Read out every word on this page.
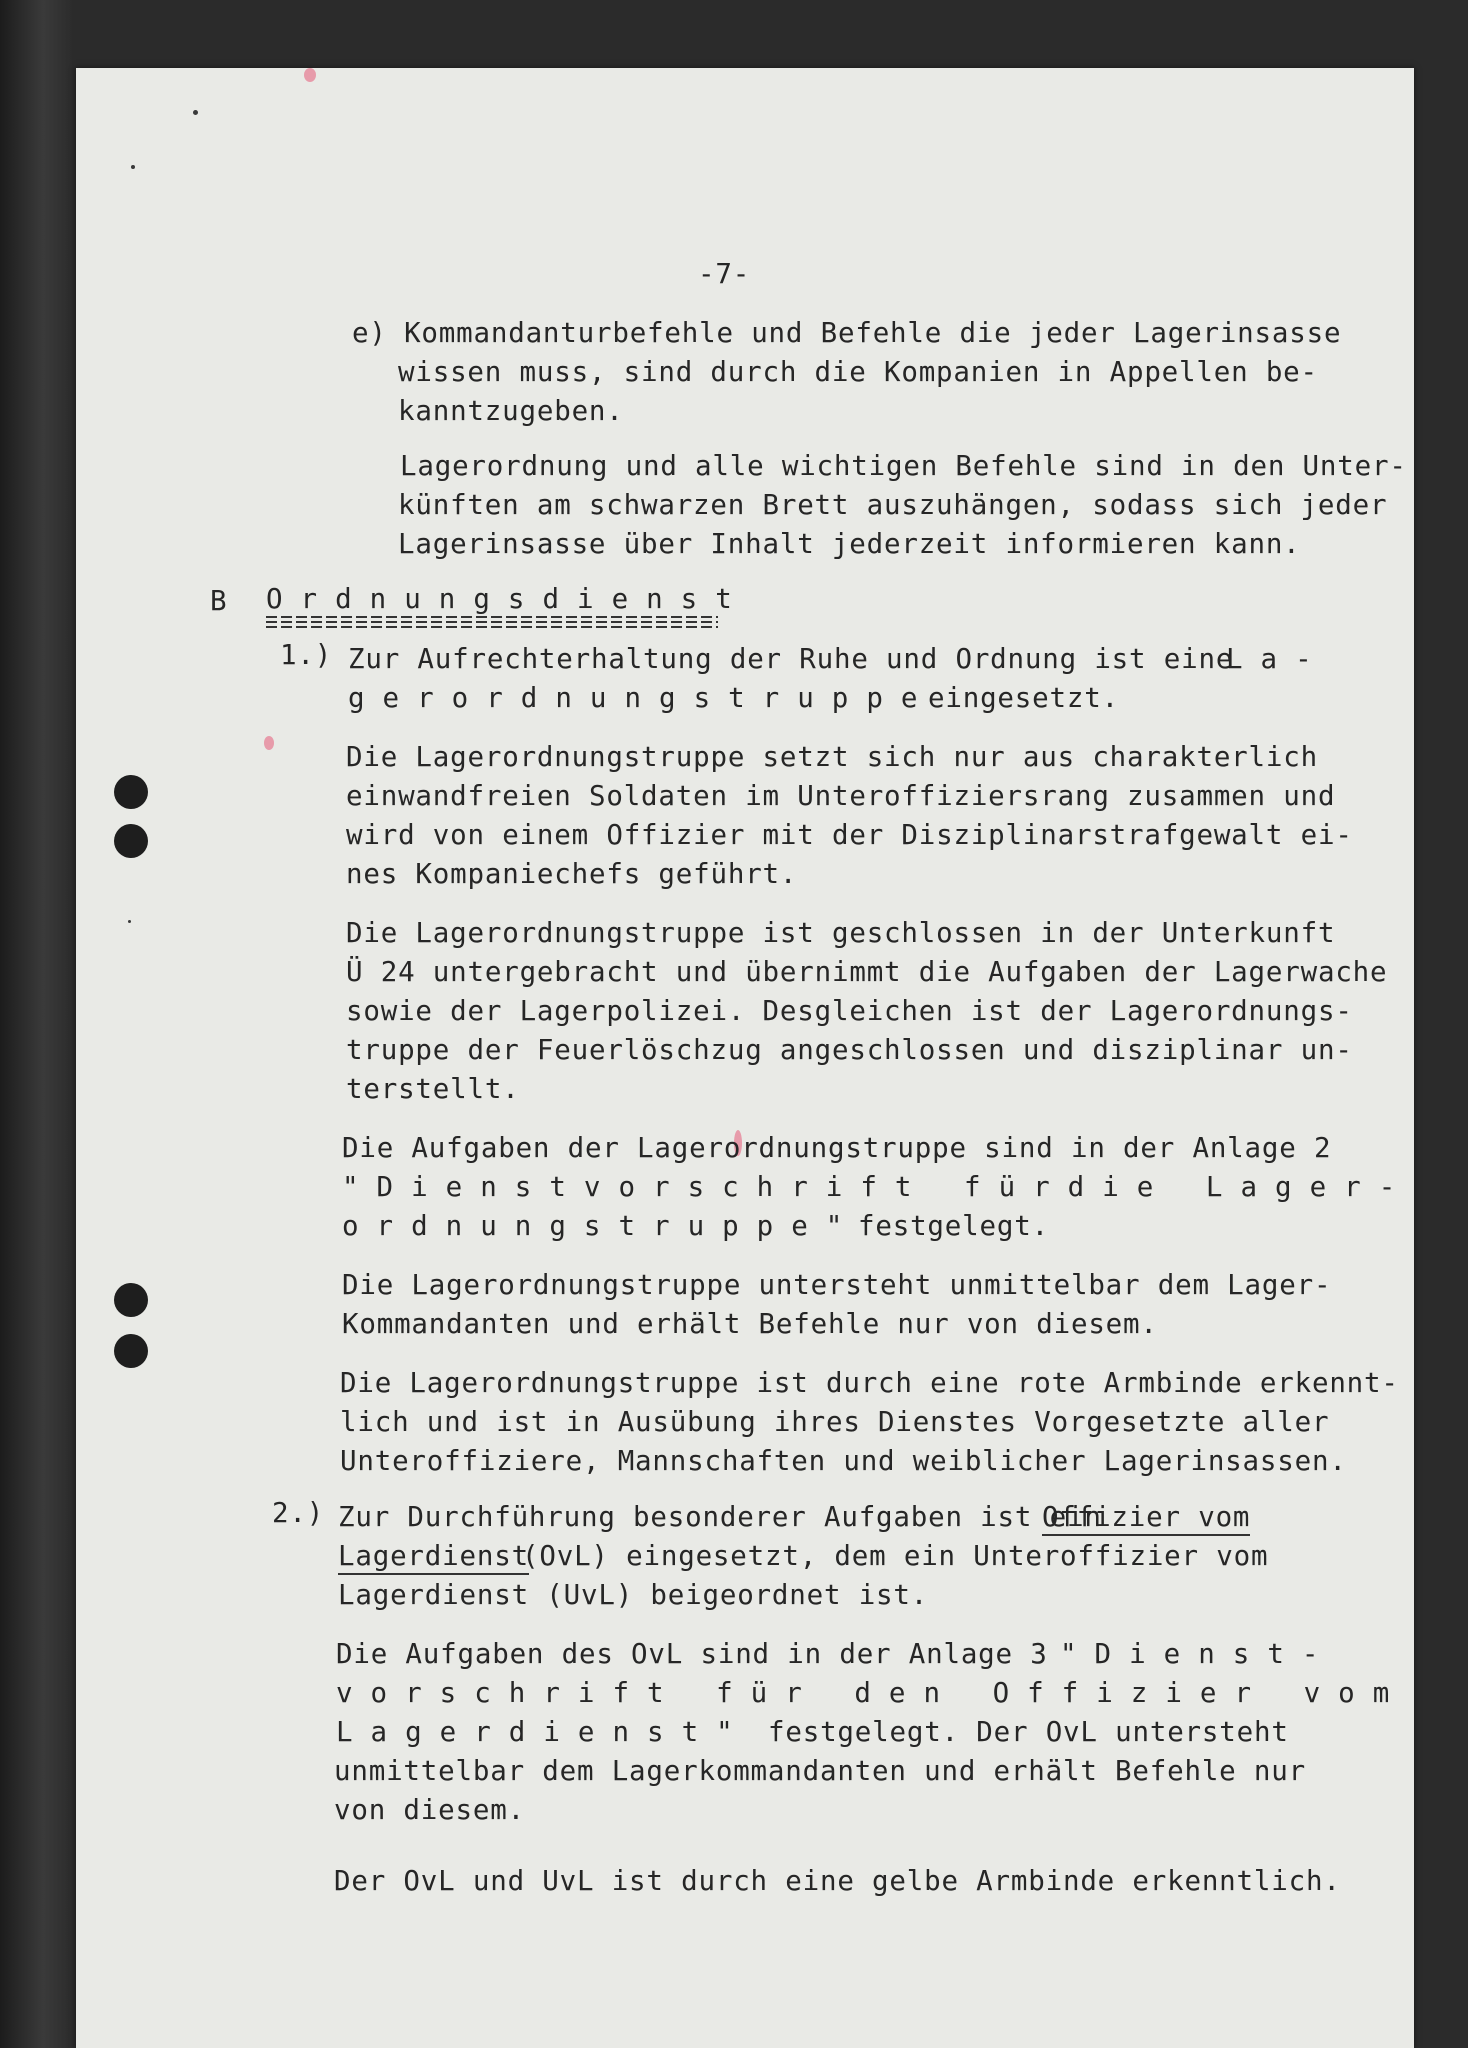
-7-
e) Kommandanturbefehle und Befehle die jeder Lagerinsasse
wissen muss, sind durch die Kompanien in Appellen be-
kanntzugeben.
Lagerordnung und alle wichtigen Befehle sind in den Unter-
künften am schwarzen Brett auszuhängen, sodass sich jeder
Lagerinsasse über Inhalt jederzeit informieren kann.
B Ordnungsdienst
1.) Zur Aufrechterhaltung der Ruhe und Ordnung ist eine
La-
gerordnungstruppe
eingesetzt.
Die Lagerordnungstruppe setzt sich nur aus charakterlich
einwandfreien Soldaten im Unteroffiziersrang zusammen und
wird von einem Offizier mit der Disziplinarstrafgewalt ei-
nes Kompaniechefs geführt.
Die Lagerordnungstruppe ist geschlossen in der Unterkunft
Ü 24 untergebracht und übernimmt die Aufgaben der Lagerwache
sowie der Lagerpolizei. Desgleichen ist der Lagerordnungs-
truppe der Feuerlöschzug angeschlossen und disziplinar un-
terstellt.
Die Aufgaben der Lagerordnungstruppe sind in der Anlage 2
"Dienstvorschrift fürdie Lager-
ordnungstruppe"
festgelegt.
Die Lagerordnungstruppe untersteht unmittelbar dem Lager-
Kommandanten und erhält Befehle nur von diesem.
Die Lagerordnungstruppe ist durch eine rote Armbinde erkennt-
lich und ist in Ausübung ihres Dienstes Vorgesetzte aller
Unteroffiziere, Mannschaften und weiblicher Lagerinsassen.
2.) Zur Durchführung besonderer Aufgaben ist ein
Offizier vom
Lagerdienst
(OvL) eingesetzt, dem ein Unteroffizier vom
Lagerdienst (UvL) beigeordnet ist.
Die Aufgaben des OvL sind in der Anlage 3 "Dienst-
vorschrift für den Offizier vom
Lagerdienst" festgelegt. Der OvL untersteht
unmittelbar dem Lagerkommandanten und erhält Befehle nur
von diesem.
Der OvL und UvL ist durch eine gelbe Armbinde erkenntlich.
